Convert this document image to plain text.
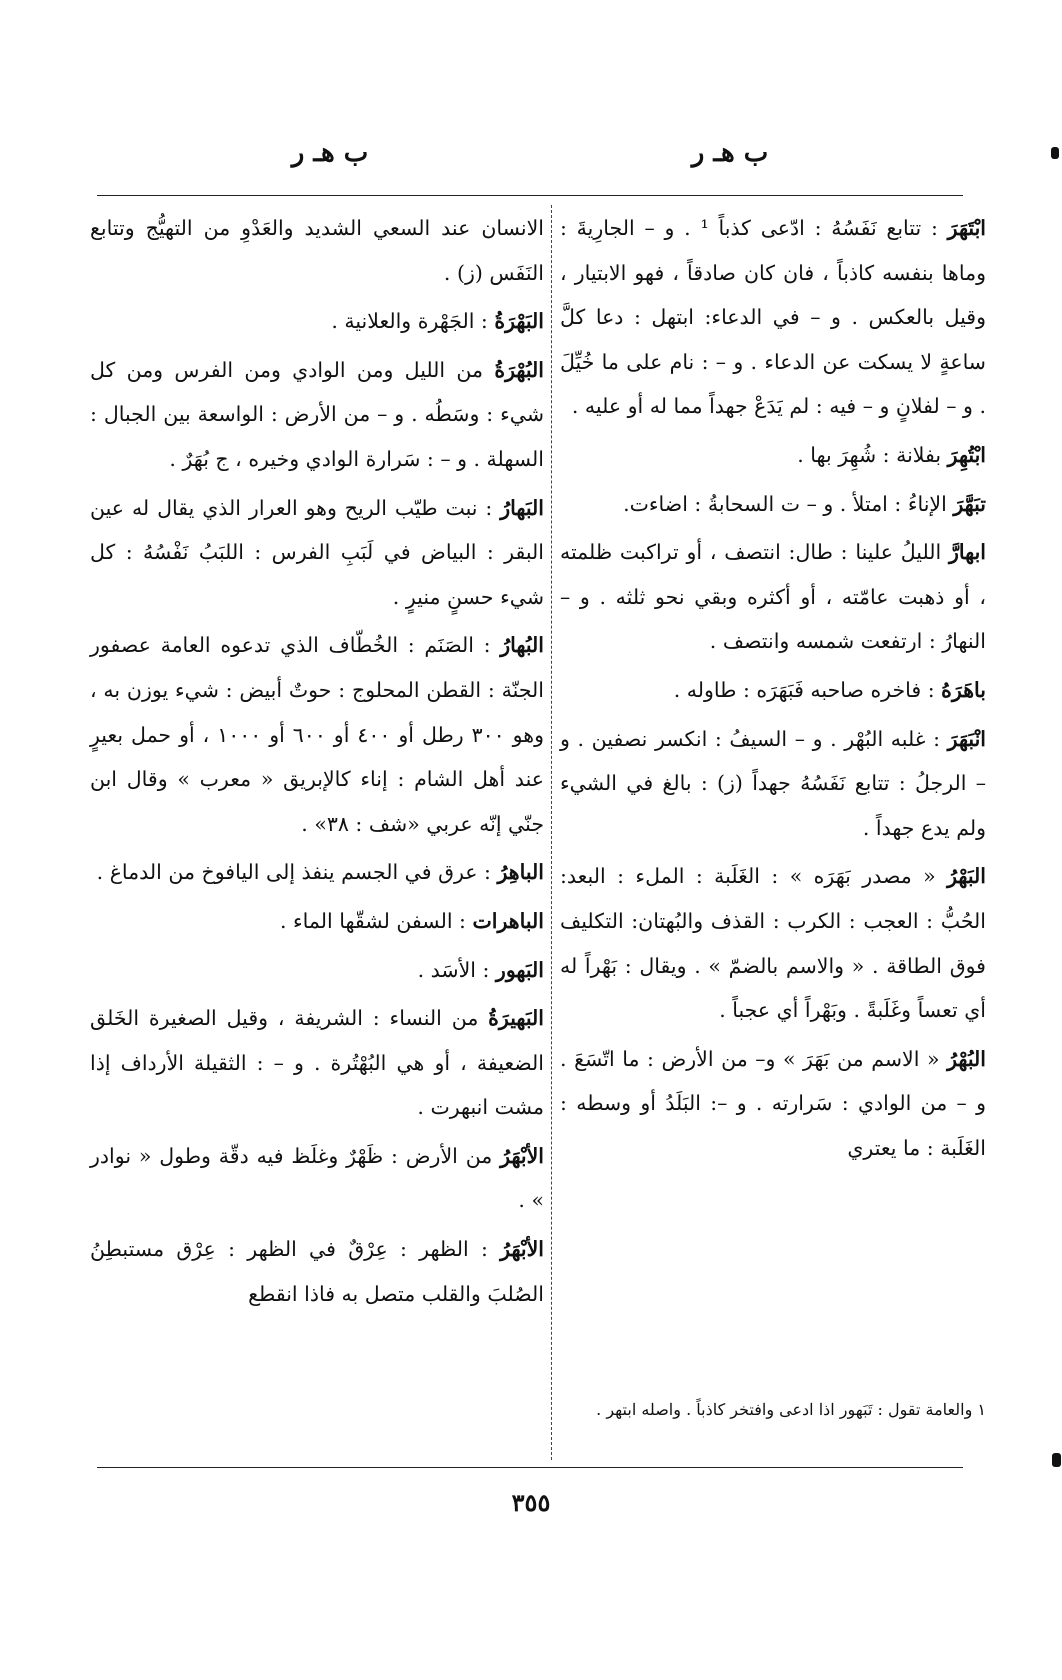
ب هـ ر
ب هـ ر

ابْتَهَرَ : تتابع نَفَسُهُ : ادّعى كذباً ¹ . و – الجارِيةَ : وماها بنفسه كاذباً ، فان كان صادقاً ، فهو الابتيار ، وقيل بالعكس . و – في الدعاء: ابتهل : دعا كلَّ ساعةٍ لا يسكت عن الدعاء . و – : نام على ما خُيِّلَ . و – لفلانٍ و – فيه : لم يَدَعْ جهداً مما له أو عليه .

ابْتُهِرَ بفلانة : شُهِرَ بها .

تبَهَّرَ الإناءُ : امتلأ . و – ت السحابةُ : اضاءت.

ابهارَّ الليلُ علينا : طال: انتصف ، أو تراكبت ظلمته ، أو ذهبت عامّته ، أو أكثره وبقي نحو ثلثه . و – النهارُ : ارتفعت شمسه وانتصف .

باهَرَهُ : فاخره صاحبه فَبَهَرَه : طاوله .

انْبَهَرَ : غلبه البُهْر . و – السيفُ : انكسر نصفين . و – الرجلُ : تتابع نَفَسُهُ جهداً (ز) : بالغ في الشيء ولم يدع جهداً .

البَهْرُ « مصدر بَهَرَه » : الغَلَبة : الملء : البعد: الحُبُّ : العجب : الكرب : القذف والبُهتان: التكليف فوق الطاقة . « والاسم بالضمّ » . ويقال : بَهْراً له أي تعساً وغَلَبةً . وبَهْراً أي عجباً .

البُهْرُ « الاسم من بَهَرَ » و– من الأرض : ما اتّسَعَ . و – من الوادي : سَرارته . و –: البَلَدُ أو وسطه : الغَلَبة : ما يعتري

١ والعامة تقول : تَبَهور اذا ادعى وافتخر كاذباً . واصله ابتهر .

الانسان عند السعي الشديد والعَدْوِ من التهيُّج وتتابع النَفَس (ز) .

البَهْرَةُ : الجَهْرة والعلانية .

البُهْرَةُ من الليل ومن الوادي ومن الفرس ومن كل شيء : وسَطُه . و – من الأرض : الواسعة بين الجبال : السهلة . و – : سَرارة الوادي وخيره ، ج بُهَرٌ .

البَهارُ : نبت طيّب الريح وهو العرار الذي يقال له عين البقر : البياض في لَبَبِ الفرس : اللبَبُ نَفْسُهُ : كل شيء حسنٍ منيرٍ .

البُهارُ : الصَنَم : الخُطّاف الذي تدعوه العامة عصفور الجنّة : القطن المحلوج : حوتٌ أبيض : شيء يوزن به ، وهو ٣٠٠ رطل أو ٤٠٠ أو ٦٠٠ أو ١٠٠٠ ، أو حمل بعيرٍ عند أهل الشام : إناء كالإبريق « معرب » وقال ابن جنّي إنّه عربي «شف : ٣٨» .

الباهِرُ : عرق في الجسم ينفذ إلى اليافوخ من الدماغ .

الباهرات : السفن لشقّها الماء .

البَهور : الأسَد .

البَهيرَةُ من النساء : الشريفة ، وقيل الصغيرة الخَلق الضعيفة ، أو هي البُهْتُرة . و – : الثقيلة الأرداف إذا مشت انبهرت .

الأبْهَرُ من الأرض : ظَهْرٌ وغلَظ فيه دقّة وطول « نوادر » .

الأبْهَرُ : الظهر : عِرْقٌ في الظهر : عِرْق مستبطِنُ الصُلبَ والقلب متصل به فاذا انقطع

٣٥٥
